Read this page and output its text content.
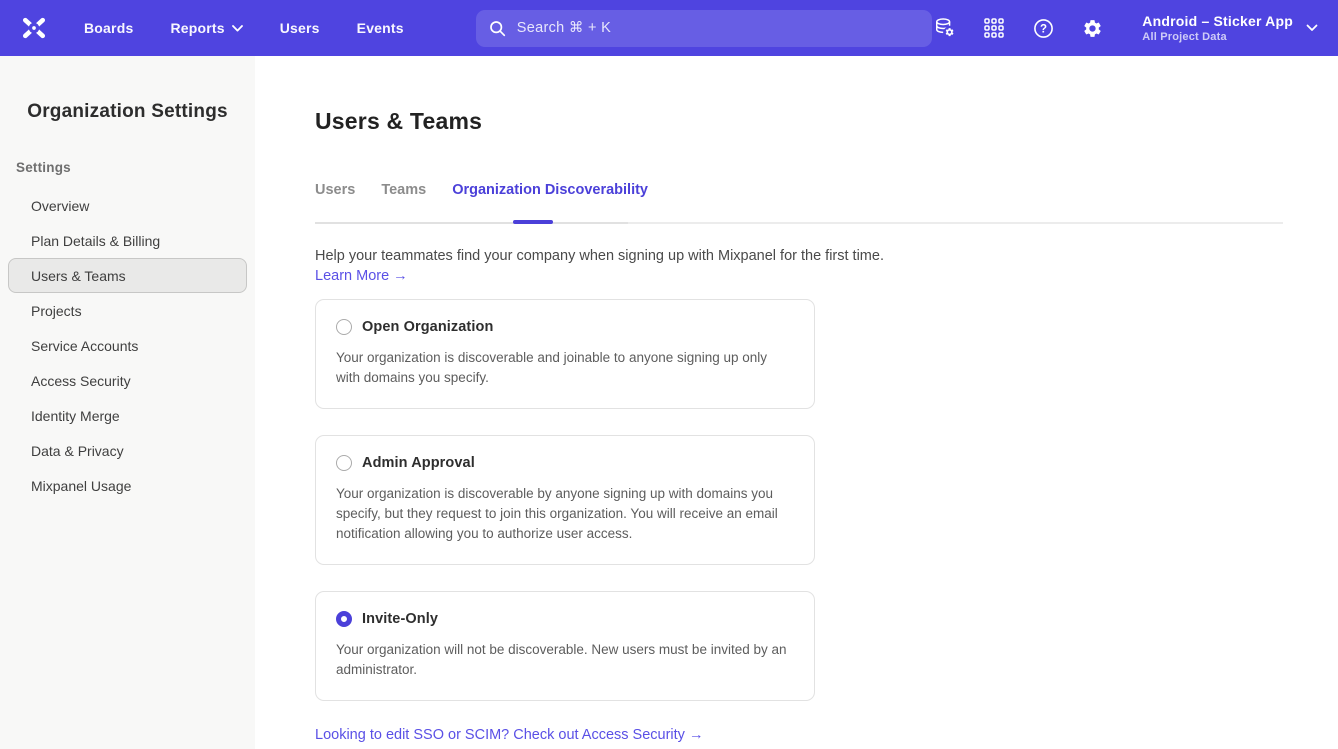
Boards	Reports	Users	Events	Search ⌘ + K	?
Android – Sticker App
All Project Data
Organization Settings
Settings
Overview
Plan Details & Billing
Users & Teams
Projects
Service Accounts
Access Security
Identity Merge
Data & Privacy
Mixpanel Usage
Users & Teams
Users Teams Organization Discoverability

Help your teammates find your company when signing up with Mixpanel for the first time.

Learn More →
Open Organization

Your organization is discoverable and joinable to anyone signing up only with domains you specify.

Admin Approval

Your organization is discoverable by anyone signing up with domains you specify, but they request to join this organization. You will receive an email notification allowing you to authorize user access.

Invite-Only

Your organization will not be discoverable. New users must be invited by an administrator.

Looking to edit SSO or SCIM? Check out Access Security →
